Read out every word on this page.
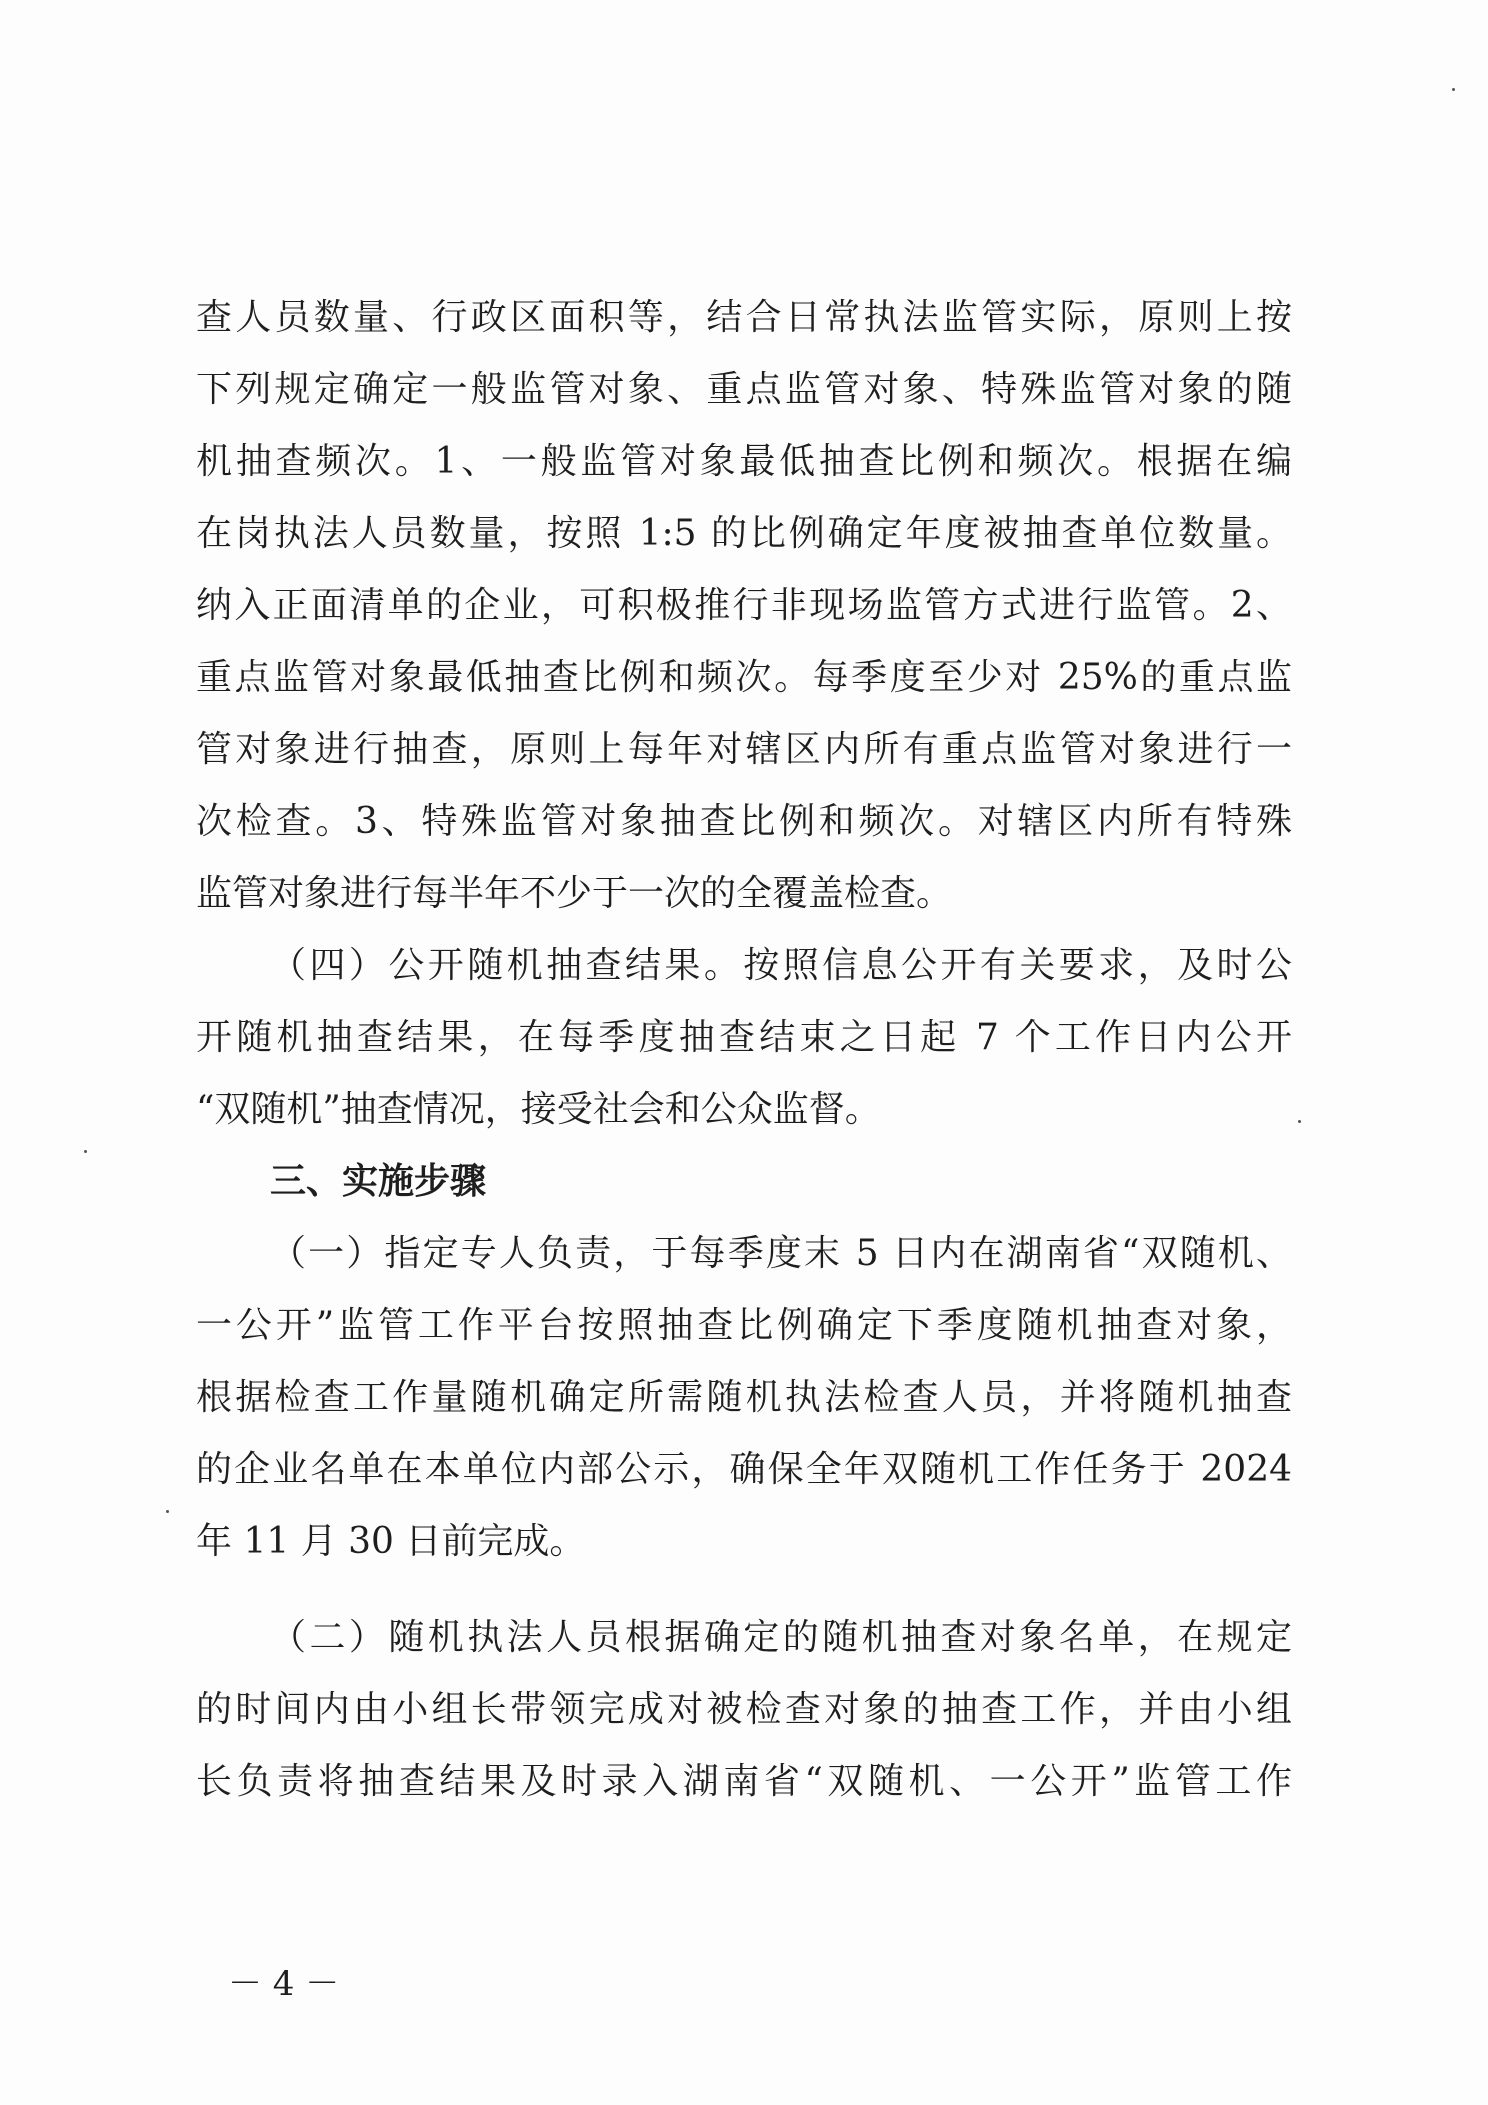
查人员数量、行政区面积等，结合日常执法监管实际，原则上按
下列规定确定一般监管对象、重点监管对象、特殊监管对象的随
机抽查频次。1、一般监管对象最低抽查比例和频次。根据在编
在岗执法人员数量，按照 1:5 的比例确定年度被抽查单位数量。
纳入正面清单的企业，可积极推行非现场监管方式进行监管。2、
重点监管对象最低抽查比例和频次。每季度至少对 25%的重点监
管对象进行抽查，原则上每年对辖区内所有重点监管对象进行一
次检查。3、特殊监管对象抽查比例和频次。对辖区内所有特殊
监管对象进行每半年不少于一次的全覆盖检查。
（四）公开随机抽查结果。按照信息公开有关要求，及时公
开随机抽查结果，在每季度抽查结束之日起 7 个工作日内公开
“双随机”抽查情况，接受社会和公众监督。
三、实施步骤
（一）指定专人负责，于每季度末 5 日内在湖南省“双随机、
一公开”监管工作平台按照抽查比例确定下季度随机抽查对象，
根据检查工作量随机确定所需随机执法检查人员，并将随机抽查
的企业名单在本单位内部公示，确保全年双随机工作任务于 2024
年 11 月 30 日前完成。
（二）随机执法人员根据确定的随机抽查对象名单，在规定
的时间内由小组长带领完成对被检查对象的抽查工作，并由小组
长负责将抽查结果及时录入湖南省“双随机、一公开”监管工作
－ 4 －
